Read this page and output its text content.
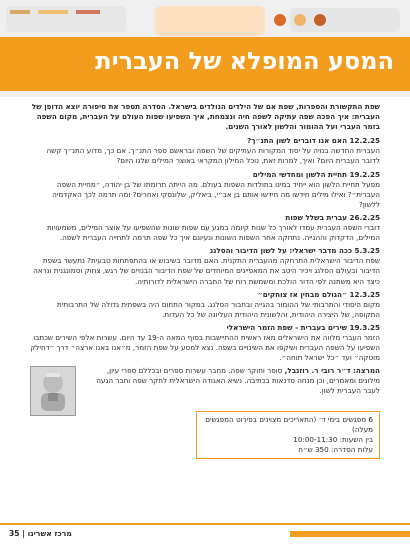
המסע המופלא של העברית

שפת התקשורת והספרות, שפת אם של הילדים הנולדים בישראל. הסדרה תספר את סיפורה יוצא הדופן של העברית: איך הפכה שפה עתיקה לשפה חיה ונצמחת, איך השפיעו שפות העולם על העברית, מקום השפה בזמר העברי ועל ההומור והלשון לאורך השנים.

12.2.25 האם אנו דוברים לשון התנ״ך?
העברית החדשה בנויה על יסוד המקורות העתיקים של השפה ובראשם ספר התנ״ך. אם כך, מדוע התנ״ך קשה לדובר העברית היום? ואיך, למרות זאת, נוכל המילון המקראי באוצר המילים שלנו היום?
19.2.25 תחיית הלשון ומחדשי המילים
מפעל תחיית הלשון הוא ייחיד במינו בתולדות השפות בעולם. מה הייתה תרומתו של בן יהודה, ״מחיית השפה העברית״? ואילו מילים חידשו מה חידשו אותם בן אב״י, ביאליק, שלונסקי ואחרים? ומה תרמה לכך האקדמיה ללשון?
26.2.25 עברית בשלל שפות
דוברי השפה העברית עמדו לאורך כל שנות קיומה במגע עם שפות שונות שהשפיעו על אוצר המילים, משמעויות המילים, הדקדוק וההגייה. נתחקה אחר השפות השונות ונעיונם איך כל שפה תרמה לתחייה העברית לשפה.
5.3.25 ככה מדבר ישראלי: על לשון הדיבור והסלנג
שפת הדיבור הישראלית התרחקה מהעברית התקנית. האם מדובר בשיבוש או בהתפתחות טבעית? נתעשר בשפת הדיבור ובעולם הסלנג ויכיר היטב את המאפיינים המיוחדים של שפת הדיבור הבנויים של רגש, צחוק וסמונגנית ונראה כיצד היא משתנה לפי הדור הולכת ומשמשת רוח של החברה הישראלית לדורותיה.
12.3.25 ״הגולם מבחין אז צוחקים״
מקום היסודי והתרבותי של ההומור בהגייה ובחבור הסלנג. במקור התחום היה בשפתית גדולה של התרבותית התקופה, של היצירה היהודית, והלשונית היהודית העליונה של כל העדות.
19.3.25 שירים בעברית - שפת הזמר הישראלי
הזמר העברי מלווה את הישראלים מאז ראשית ההתיישבות בסוף המאה ה-19 עד היום. עשרות אלפי השירים שכתבו השפיעו על השפה העברית ושיקפו את השינויים בשפה. נצא למסע על שפת הזמר, מ״אנו באנו ארצה״ דרך ״דחילק מוטקה״ ועד ״כל ישראל תוחה״.
המרצה: ד״ר רובי ר. רוזנבל, סופר וחוקר שפה. מחבר עשרות ספרים ובכללם ספרי עיון, מילונים ומאמרים, וכן מנחה סדנאות בכתיבה. נשיא האגודה הישראלית לחקר שפה וחבר הגעה לעבר העברית לשון.
6 מפגשים בימי ד׳ (התאריכים מצוינים בפירוט המפגשים מעלה)
בין השעות: 10:00-11:30
עלות הסדרה: 350 ש״ח
מרכז אשרינו | 35
